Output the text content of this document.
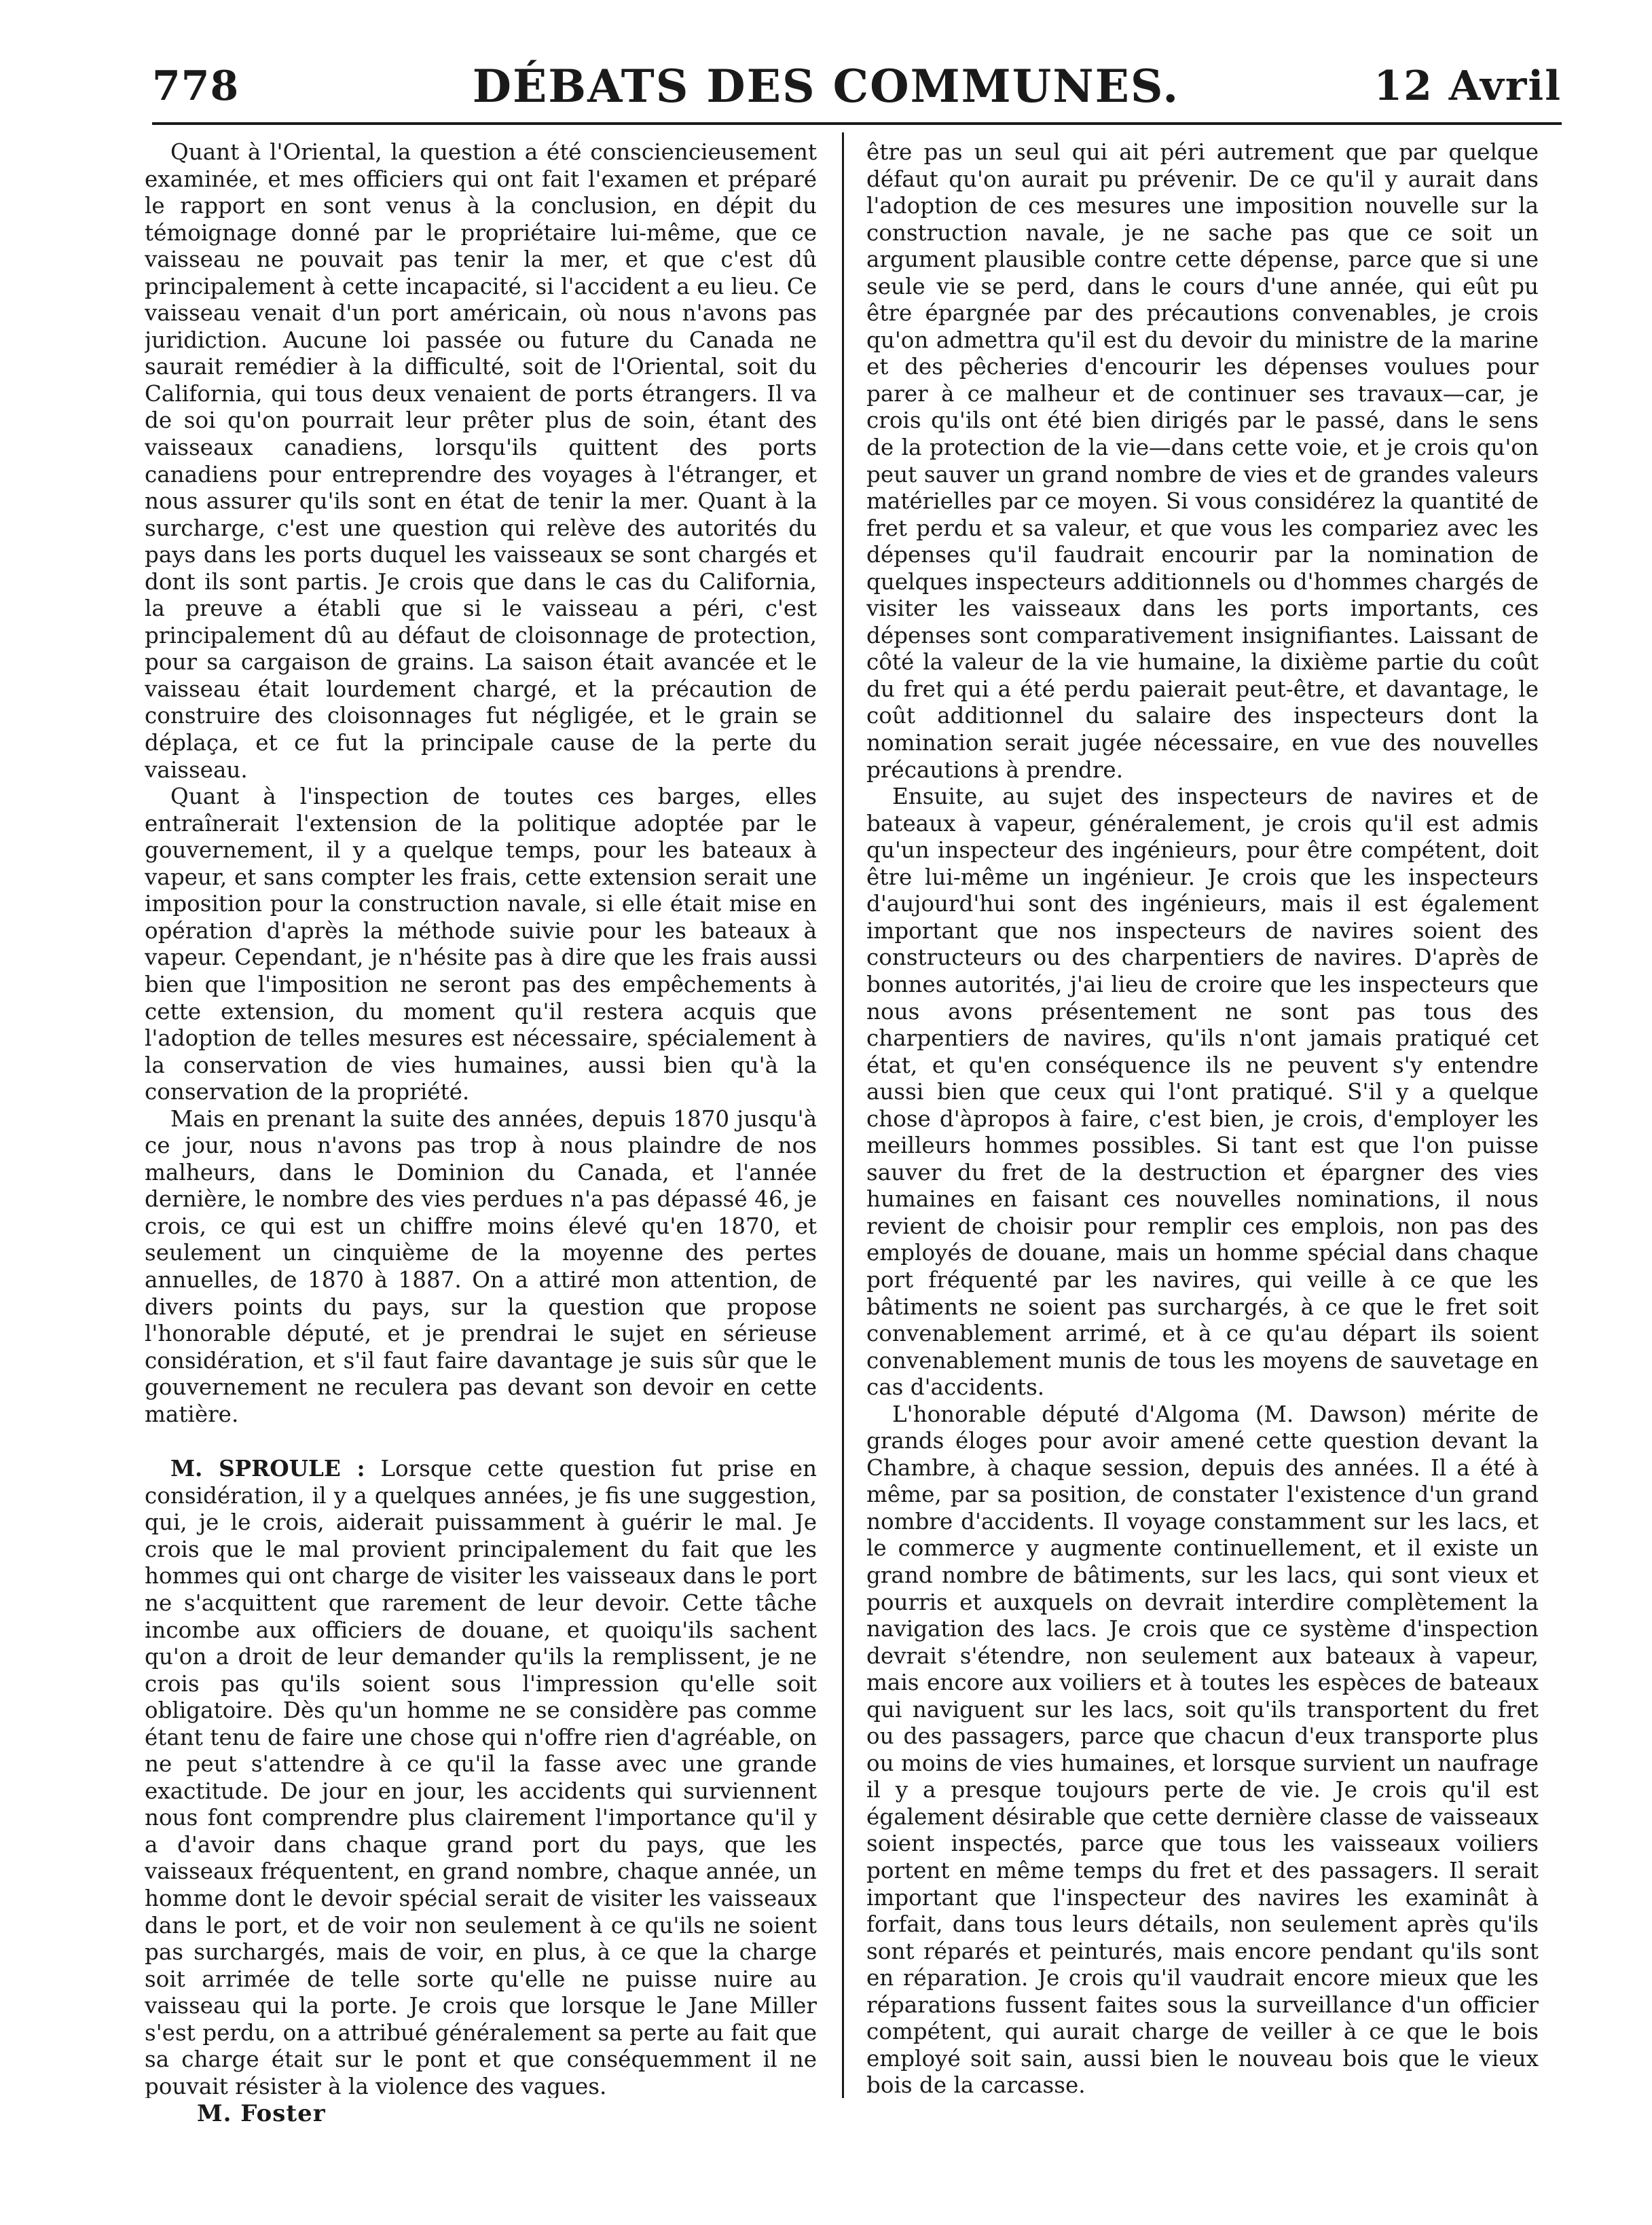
778	DÉBATS DES COMMUNES.	12 Avril

Quant à l'Oriental, la question a été consciencieusement examinée, et mes officiers qui ont fait l'examen et préparé le rapport en sont venus à la conclusion, en dépit du témoignage donné par le propriétaire lui-même, que ce vaisseau ne pouvait pas tenir la mer, et que c'est dû principalement à cette incapacité, si l'accident a eu lieu. Ce vaisseau venait d'un port américain, où nous n'avons pas juridiction. Aucune loi passée ou future du Canada ne saurait remédier à la difficulté, soit de l'Oriental, soit du California, qui tous deux venaient de ports étrangers. Il va de soi qu'on pourrait leur prêter plus de soin, étant des vaisseaux canadiens, lorsqu'ils quittent des ports canadiens pour entreprendre des voyages à l'étranger, et nous assurer qu'ils sont en état de tenir la mer. Quant à la surcharge, c'est une question qui relève des autorités du pays dans les ports duquel les vaisseaux se sont chargés et dont ils sont partis. Je crois que dans le cas du California, la preuve a établi que si le vaisseau a péri, c'est principalement dû au défaut de cloisonnage de protection, pour sa cargaison de grains. La saison était avancée et le vaisseau était lourdement chargé, et la précaution de construire des cloisonnages fut négligée, et le grain se déplaça, et ce fut la principale cause de la perte du vaisseau.

Quant à l'inspection de toutes ces barges, elles entraînerait l'extension de la politique adoptée par le gouvernement, il y a quelque temps, pour les bateaux à vapeur, et sans compter les frais, cette extension serait une imposition pour la construction navale, si elle était mise en opération d'après la méthode suivie pour les bateaux à vapeur. Cependant, je n'hésite pas à dire que les frais aussi bien que l'imposition ne seront pas des empêchements à cette extension, du moment qu'il restera acquis que l'adoption de telles mesures est nécessaire, spécialement à la conservation de vies humaines, aussi bien qu'à la conservation de la propriété.

Mais en prenant la suite des années, depuis 1870 jusqu'à ce jour, nous n'avons pas trop à nous plaindre de nos malheurs, dans le Dominion du Canada, et l'année dernière, le nombre des vies perdues n'a pas dépassé 46, je crois, ce qui est un chiffre moins élevé qu'en 1870, et seulement un cinquième de la moyenne des pertes annuelles, de 1870 à 1887. On a attiré mon attention, de divers points du pays, sur la question que propose l'honorable député, et je prendrai le sujet en sérieuse considération, et s'il faut faire davantage je suis sûr que le gouvernement ne reculera pas devant son devoir en cette matière.

M. SPROULE : Lorsque cette question fut prise en considération, il y a quelques années, je fis une suggestion, qui, je le crois, aiderait puissamment à guérir le mal. Je crois que le mal provient principalement du fait que les hommes qui ont charge de visiter les vaisseaux dans le port ne s'acquittent que rarement de leur devoir. Cette tâche incombe aux officiers de douane, et quoiqu'ils sachent qu'on a droit de leur demander qu'ils la remplissent, je ne crois pas qu'ils soient sous l'impression qu'elle soit obligatoire. Dès qu'un homme ne se considère pas comme étant tenu de faire une chose qui n'offre rien d'agréable, on ne peut s'attendre à ce qu'il la fasse avec une grande exactitude. De jour en jour, les accidents qui surviennent nous font comprendre plus clairement l'importance qu'il y a d'avoir dans chaque grand port du pays, que les vaisseaux fréquentent, en grand nombre, chaque année, un homme dont le devoir spécial serait de visiter les vaisseaux dans le port, et de voir non seulement à ce qu'ils ne soient pas surchargés, mais de voir, en plus, à ce que la charge soit arrimée de telle sorte qu'elle ne puisse nuire au vaisseau qui la porte. Je crois que lorsque le Jane Miller s'est perdu, on a attribué généralement sa perte au fait que sa charge était sur le pont et que conséquemment il ne pouvait résister à la violence des vagues.

être pas un seul qui ait péri autrement que par quelque défaut qu'on aurait pu prévenir. De ce qu'il y aurait dans l'adoption de ces mesures une imposition nouvelle sur la construction navale, je ne sache pas que ce soit un argument plausible contre cette dépense, parce que si une seule vie se perd, dans le cours d'une année, qui eût pu être épargnée par des précautions convenables, je crois qu'on admettra qu'il est du devoir du ministre de la marine et des pêcheries d'encourir les dépenses voulues pour parer à ce malheur et de continuer ses travaux—car, je crois qu'ils ont été bien dirigés par le passé, dans le sens de la protection de la vie—dans cette voie, et je crois qu'on peut sauver un grand nombre de vies et de grandes valeurs matérielles par ce moyen. Si vous considérez la quantité de fret perdu et sa valeur, et que vous les compariez avec les dépenses qu'il faudrait encourir par la nomination de quelques inspecteurs additionnels ou d'hommes chargés de visiter les vaisseaux dans les ports importants, ces dépenses sont comparativement insignifiantes. Laissant de côté la valeur de la vie humaine, la dixième partie du coût du fret qui a été perdu paierait peut-être, et davantage, le coût additionnel du salaire des inspecteurs dont la nomination serait jugée nécessaire, en vue des nouvelles précautions à prendre.

Ensuite, au sujet des inspecteurs de navires et de bateaux à vapeur, généralement, je crois qu'il est admis qu'un inspecteur des ingénieurs, pour être compétent, doit être lui-même un ingénieur. Je crois que les inspecteurs d'aujourd'hui sont des ingénieurs, mais il est également important que nos inspecteurs de navires soient des constructeurs ou des charpentiers de navires. D'après de bonnes autorités, j'ai lieu de croire que les inspecteurs que nous avons présentement ne sont pas tous des charpentiers de navires, qu'ils n'ont jamais pratiqué cet état, et qu'en conséquence ils ne peuvent s'y entendre aussi bien que ceux qui l'ont pratiqué. S'il y a quelque chose d'àpropos à faire, c'est bien, je crois, d'employer les meilleurs hommes possibles. Si tant est que l'on puisse sauver du fret de la destruction et épargner des vies humaines en faisant ces nouvelles nominations, il nous revient de choisir pour remplir ces emplois, non pas des employés de douane, mais un homme spécial dans chaque port fréquenté par les navires, qui veille à ce que les bâtiments ne soient pas surchargés, à ce que le fret soit convenablement arrimé, et à ce qu'au départ ils soient convenablement munis de tous les moyens de sauvetage en cas d'accidents.

L'honorable député d'Algoma (M. Dawson) mérite de grands éloges pour avoir amené cette question devant la Chambre, à chaque session, depuis des années. Il a été à même, par sa position, de constater l'existence d'un grand nombre d'accidents. Il voyage constamment sur les lacs, et le commerce y augmente continuellement, et il existe un grand nombre de bâtiments, sur les lacs, qui sont vieux et pourris et auxquels on devrait interdire complètement la navigation des lacs. Je crois que ce système d'inspection devrait s'étendre, non seulement aux bateaux à vapeur, mais encore aux voiliers et à toutes les espèces de bateaux qui naviguent sur les lacs, soit qu'ils transportent du fret ou des passagers, parce que chacun d'eux transporte plus ou moins de vies humaines, et lorsque survient un naufrage il y a presque toujours perte de vie. Je crois qu'il est également désirable que cette dernière classe de vaisseaux soient inspectés, parce que tous les vaisseaux voiliers portent en même temps du fret et des passagers. Il serait important que l'inspecteur des navires les examinât à forfait, dans tous leurs détails, non seulement après qu'ils sont réparés et peinturés, mais encore pendant qu'ils sont en réparation. Je crois qu'il vaudrait encore mieux que les réparations fussent faites sous la surveillance d'un officier compétent, qui aurait charge de veiller à ce que le bois employé soit sain, aussi bien le nouveau bois que le vieux bois de la carcasse.

M. Foster
